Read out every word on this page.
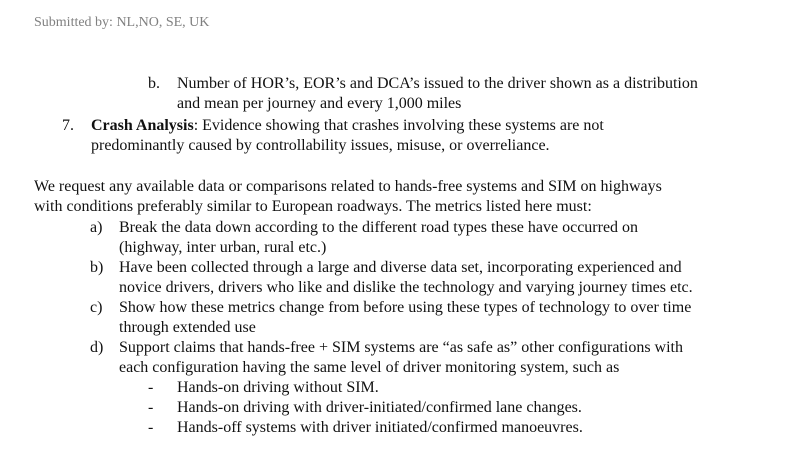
Submitted by: NL,NO, SE, UK
b. Number of HOR’s, EOR’s and DCA’s issued to the driver shown as a distribution
and mean per journey and every 1,000 miles
7. Crash Analysis: Evidence showing that crashes involving these systems are not
predominantly caused by controllability issues, misuse, or overreliance.
We request any available data or comparisons related to hands-free systems and SIM on highways
with conditions preferably similar to European roadways. The metrics listed here must:
a) Break the data down according to the different road types these have occurred on
(highway, inter urban, rural etc.)
b) Have been collected through a large and diverse data set, incorporating experienced and
novice drivers, drivers who like and dislike the technology and varying journey times etc.
c) Show how these metrics change from before using these types of technology to over time
through extended use
d) Support claims that hands-free + SIM systems are “as safe as” other configurations with
each configuration having the same level of driver monitoring system, such as
- Hands-on driving without SIM.
- Hands-on driving with driver-initiated/confirmed lane changes.
- Hands-off systems with driver initiated/confirmed manoeuvres.
